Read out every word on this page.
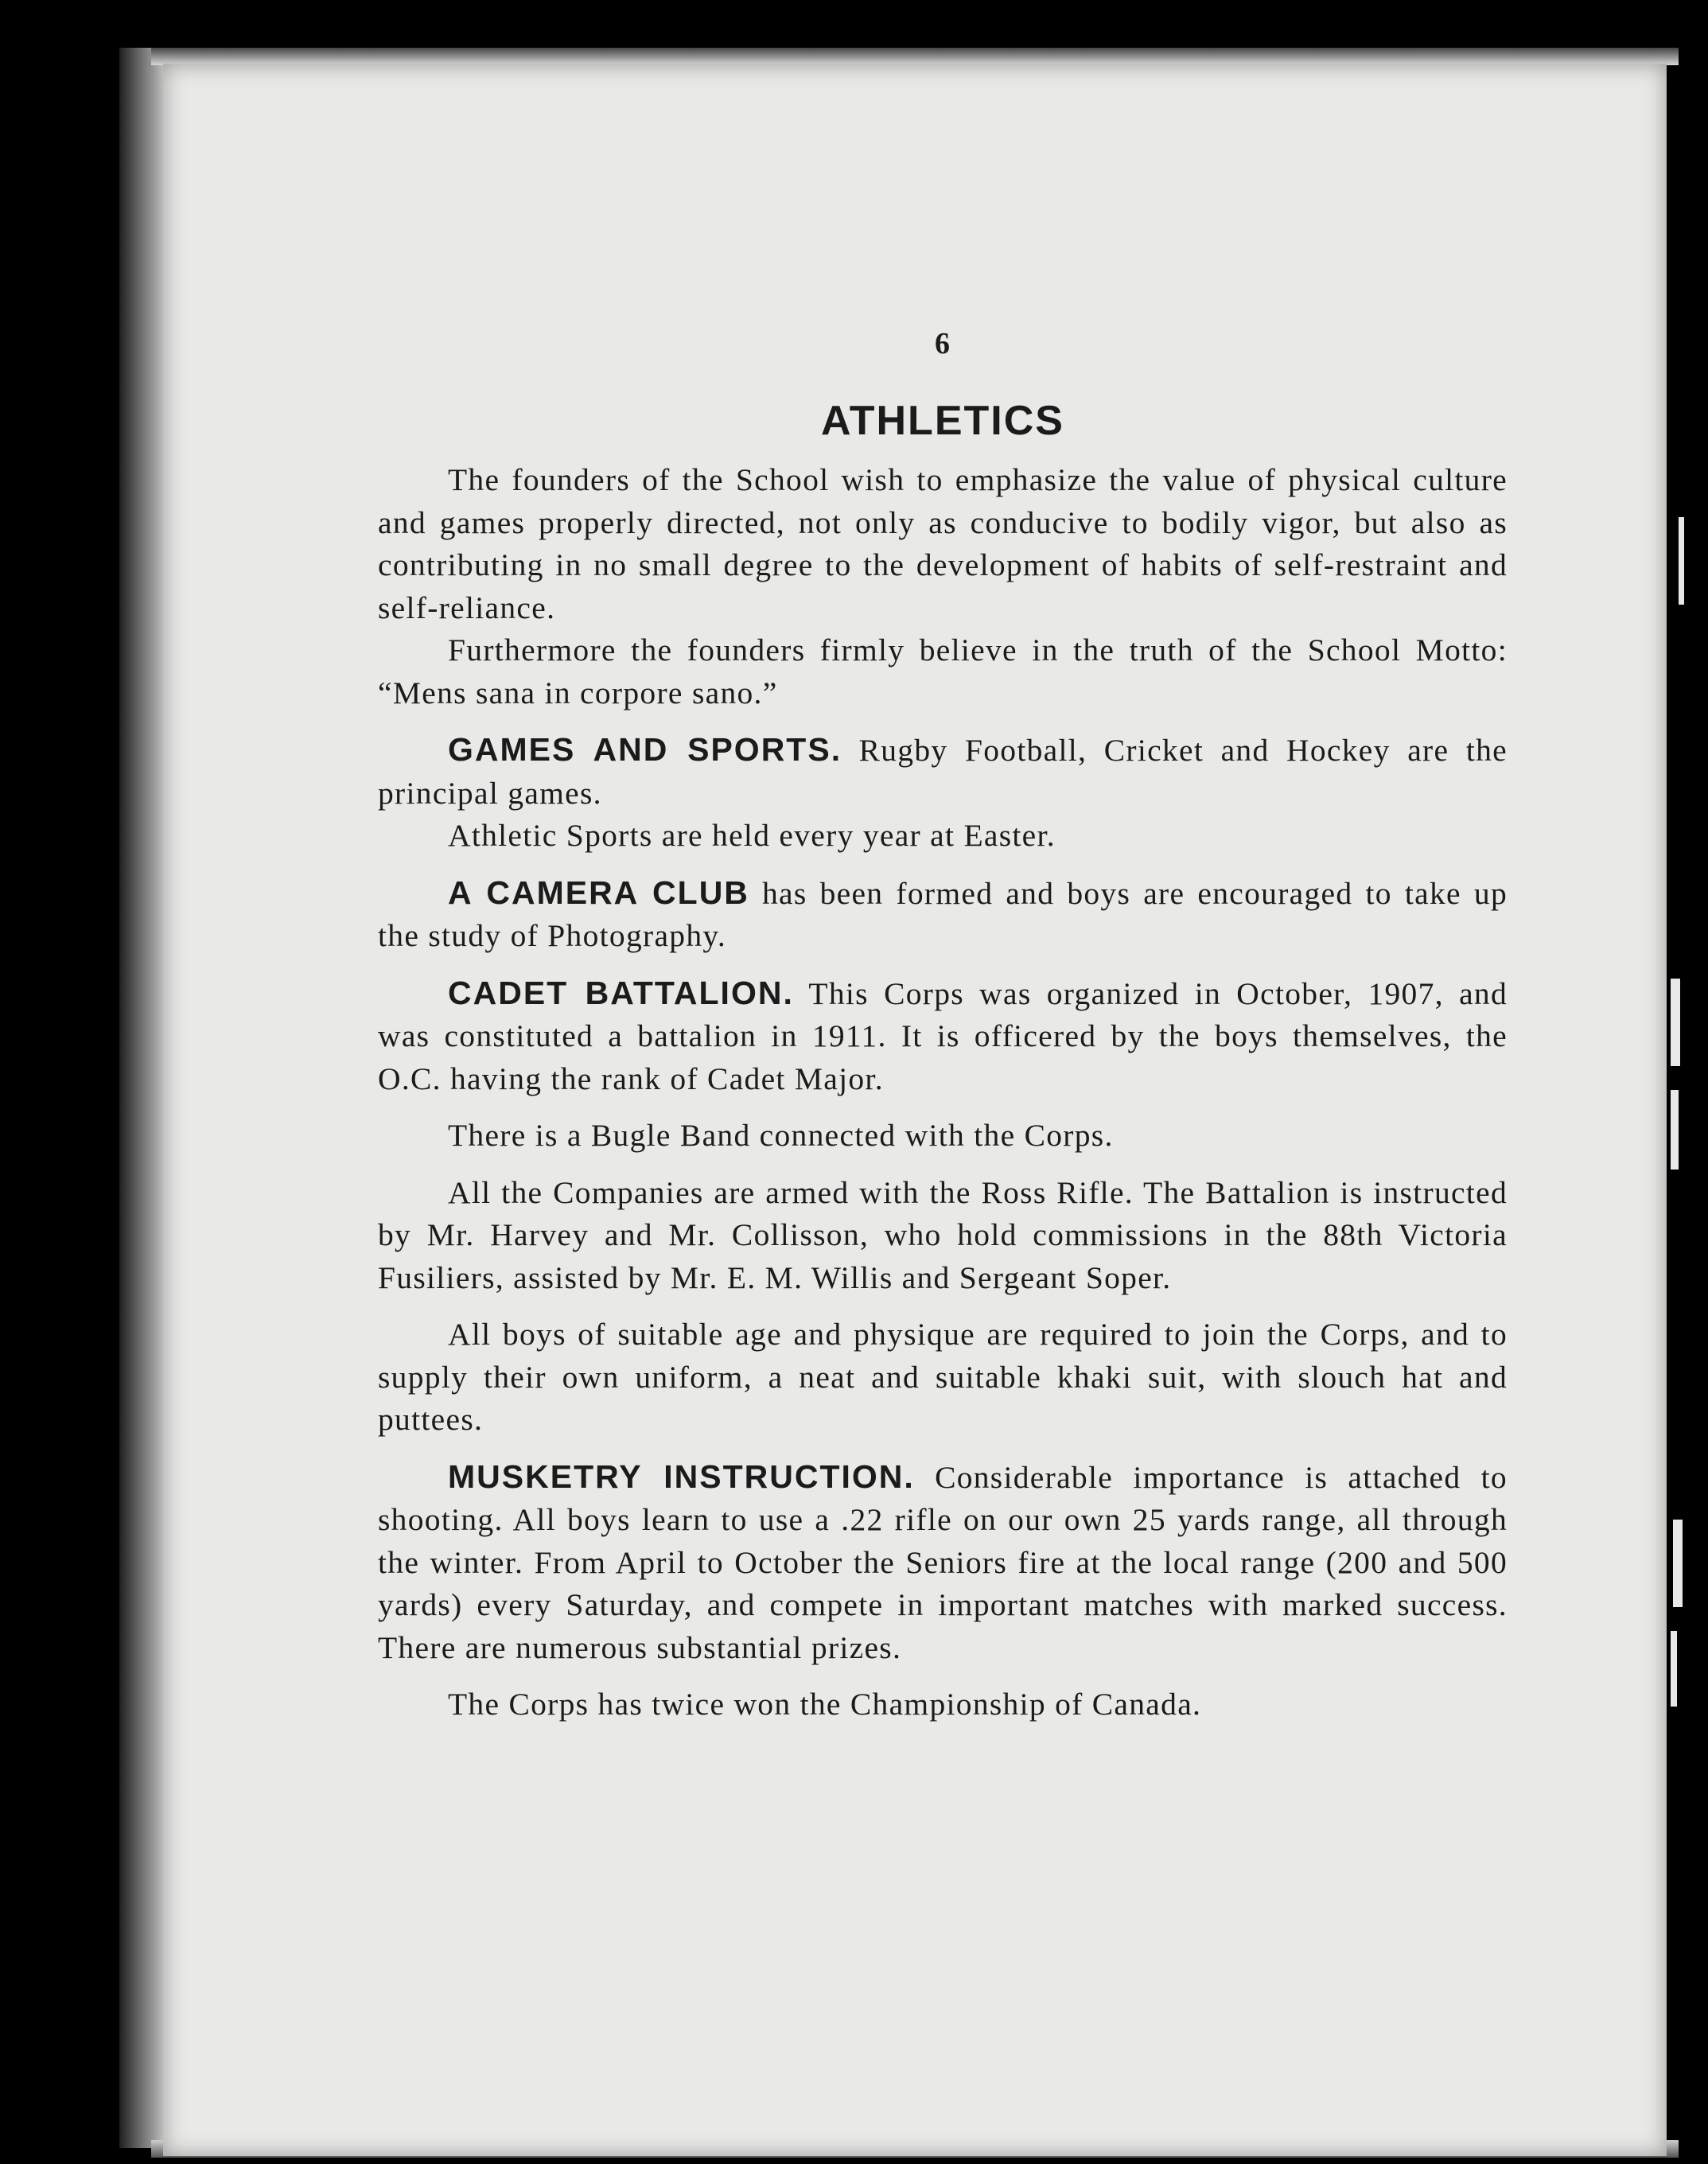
6
ATHLETICS

The founders of the School wish to emphasize the value of physical culture and games properly directed, not only as conducive to bodily vigor, but also as contributing in no small degree to the development of habits of self-restraint and self-reliance.

Furthermore the founders firmly believe in the truth of the School Motto: “Mens sana in corpore sano.”

GAMES AND SPORTS. Rugby Football, Cricket and Hockey are the principal games.

Athletic Sports are held every year at Easter.

A CAMERA CLUB has been formed and boys are encouraged to take up the study of Photography.

CADET BATTALION. This Corps was organized in October, 1907, and was constituted a battalion in 1911. It is officered by the boys themselves, the O.C. having the rank of Cadet Major.

There is a Bugle Band connected with the Corps.

All the Companies are armed with the Ross Rifle. The Battalion is instructed by Mr. Harvey and Mr. Collisson, who hold commissions in the 88th Victoria Fusiliers, assisted by Mr. E. M. Willis and Sergeant Soper.

All boys of suitable age and physique are required to join the Corps, and to supply their own uniform, a neat and suitable khaki suit, with slouch hat and puttees.

MUSKETRY INSTRUCTION. Considerable importance is attached to shooting. All boys learn to use a .22 rifle on our own 25 yards range, all through the winter. From April to October the Seniors fire at the local range (200 and 500 yards) every Saturday, and compete in important matches with marked success. There are numerous substantial prizes.

The Corps has twice won the Championship of Canada.
